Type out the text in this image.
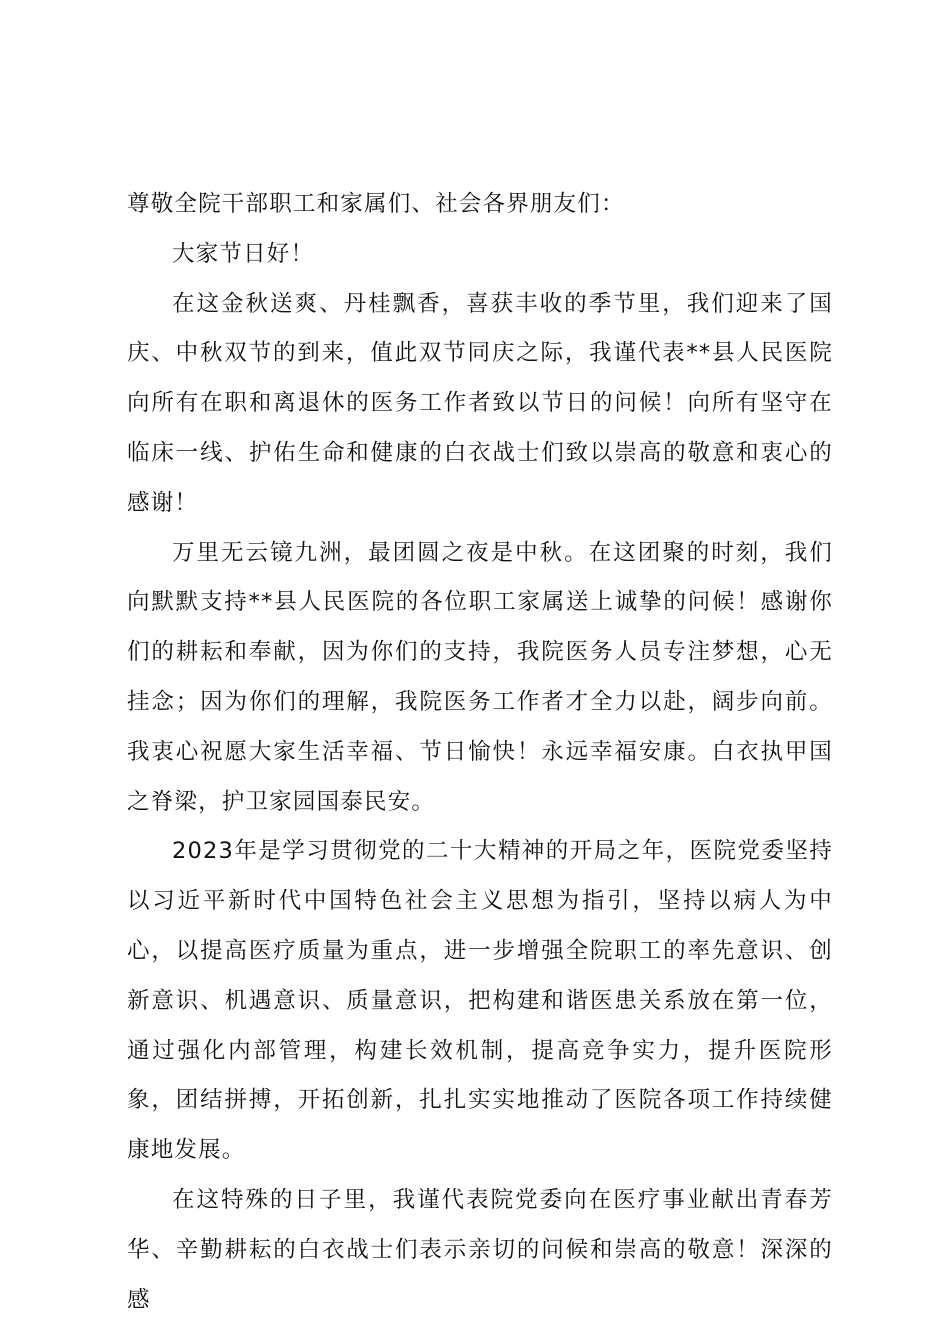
尊敬全院干部职工和家属们、社会各界朋友们：

大家节日好！

在这金秋送爽、丹桂飘香，喜获丰收的季节里，我们迎来了国庆、中秋双节的到来，值此双节同庆之际，我谨代表**县人民医院向所有在职和离退休的医务工作者致以节日的问候！向所有坚守在临床一线、护佑生命和健康的白衣战士们致以崇高的敬意和衷心的感谢！

万里无云镜九洲，最团圆之夜是中秋。在这团聚的时刻，我们向默默支持**县人民医院的各位职工家属送上诚挚的问候！感谢你们的耕耘和奉献，因为你们的支持，我院医务人员专注梦想，心无挂念；因为你们的理解，我院医务工作者才全力以赴，阔步向前。我衷心祝愿大家生活幸福、节日愉快！永远幸福安康。白衣执甲国之脊梁，护卫家园国泰民安。

2023年是学习贯彻党的二十大精神的开局之年，医院党委坚持以习近平新时代中国特色社会主义思想为指引，坚持以病人为中心，以提高医疗质量为重点，进一步增强全院职工的率先意识、创新意识、机遇意识、质量意识，把构建和谐医患关系放在第一位，通过强化内部管理，构建长效机制，提高竞争实力，提升医院形象，团结拼搏，开拓创新，扎扎实实地推动了医院各项工作持续健康地发展。

在这特殊的日子里，我谨代表院党委向在医疗事业献出青春芳华、辛勤耕耘的白衣战士们表示亲切的问候和崇高的敬意！深深的感
